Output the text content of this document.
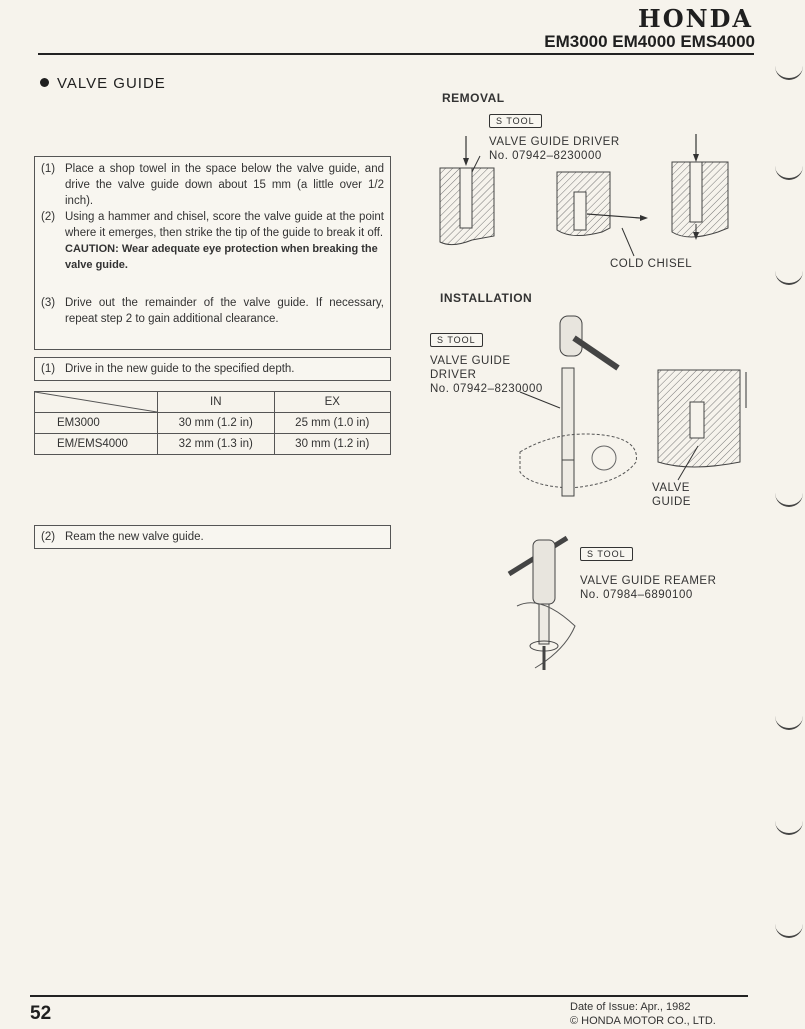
HONDA
EM3000 EM4000 EMS4000
VALVE GUIDE
(1) Place a shop towel in the space below the valve guide, and drive the valve guide down about 15 mm (a little over 1/2 inch).
(2) Using a hammer and chisel, score the valve guide at the point where it emerges, then strike the tip of the guide to break it off.
CAUTION: Wear adequate eye protection when breaking the valve guide.
(3) Drive out the remainder of the valve guide. If necessary, repeat step 2 to gain additional clearance.
(1) Drive in the new guide to the specified depth.
	IN	EX
EM3000	30 mm (1.2 in)	25 mm (1.0 in)
EM/EMS4000	32 mm (1.3 in)	30 mm (1.2 in)
(2) Ream the new valve guide.
REMOVAL
S TOOL
VALVE GUIDE DRIVER
No. 07942–8230000
COLD CHISEL
INSTALLATION
S TOOL
VALVE GUIDE
DRIVER
No. 07942–8230000
VALVE
GUIDE
S TOOL
VALVE GUIDE REAMER
No. 07984–6890100
52	Date of Issue: Apr., 1982
© HONDA MOTOR CO., LTD.
